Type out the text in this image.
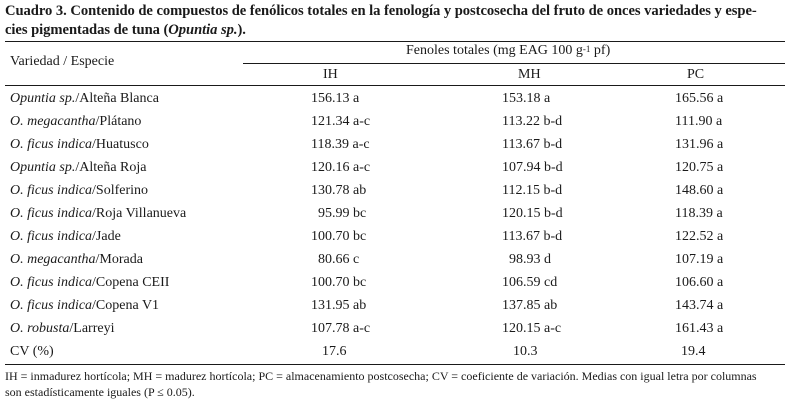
Cuadro 3. Contenido de compuestos de fenólicos totales en la fenología y postcosecha del fruto de onces variedades y espe-
cies pigmentadas de tuna (Opuntia sp.).
Variedad / Especie
Fenoles totales (mg EAG 100 $g^{-1}$ pf)
IH	MH	PC
Opuntia sp./Alteña Blanca	156.13 a	153.18 a	165.56 a
O. megacantha/Plátano	121.34 a-c	113.22 b-d	111.90 a
O. ficus indica/Huatusco	118.39 a-c	113.67 b-d	131.96 a
Opuntia sp./Alteña Roja	120.16 a-c	107.94 b-d	120.75 a
O. ficus indica/Solferino	130.78 ab	112.15 b-d	148.60 a
O. ficus indica/Roja Villanueva	95.99 bc	120.15 b-d	118.39 a
O. ficus indica/Jade	100.70 bc	113.67 b-d	122.52 a
O. megacantha/Morada	80.66 c	98.93 d	107.19 a
O. ficus indica/Copena CEII	100.70 bc	106.59 cd	106.60 a
O. ficus indica/Copena V1	131.95 ab	137.85 ab	143.74 a
O. robusta/Larreyi	107.78 a-c	120.15 a-c	161.43 a
CV (%)	17.6	10.3	19.4
IH = inmadurez hortícola; MH = madurez hortícola; PC = almacenamiento postcosecha; CV = coeficiente de variación. Medias con igual letra por columnas
son estadísticamente iguales (P ≤ 0.05).
